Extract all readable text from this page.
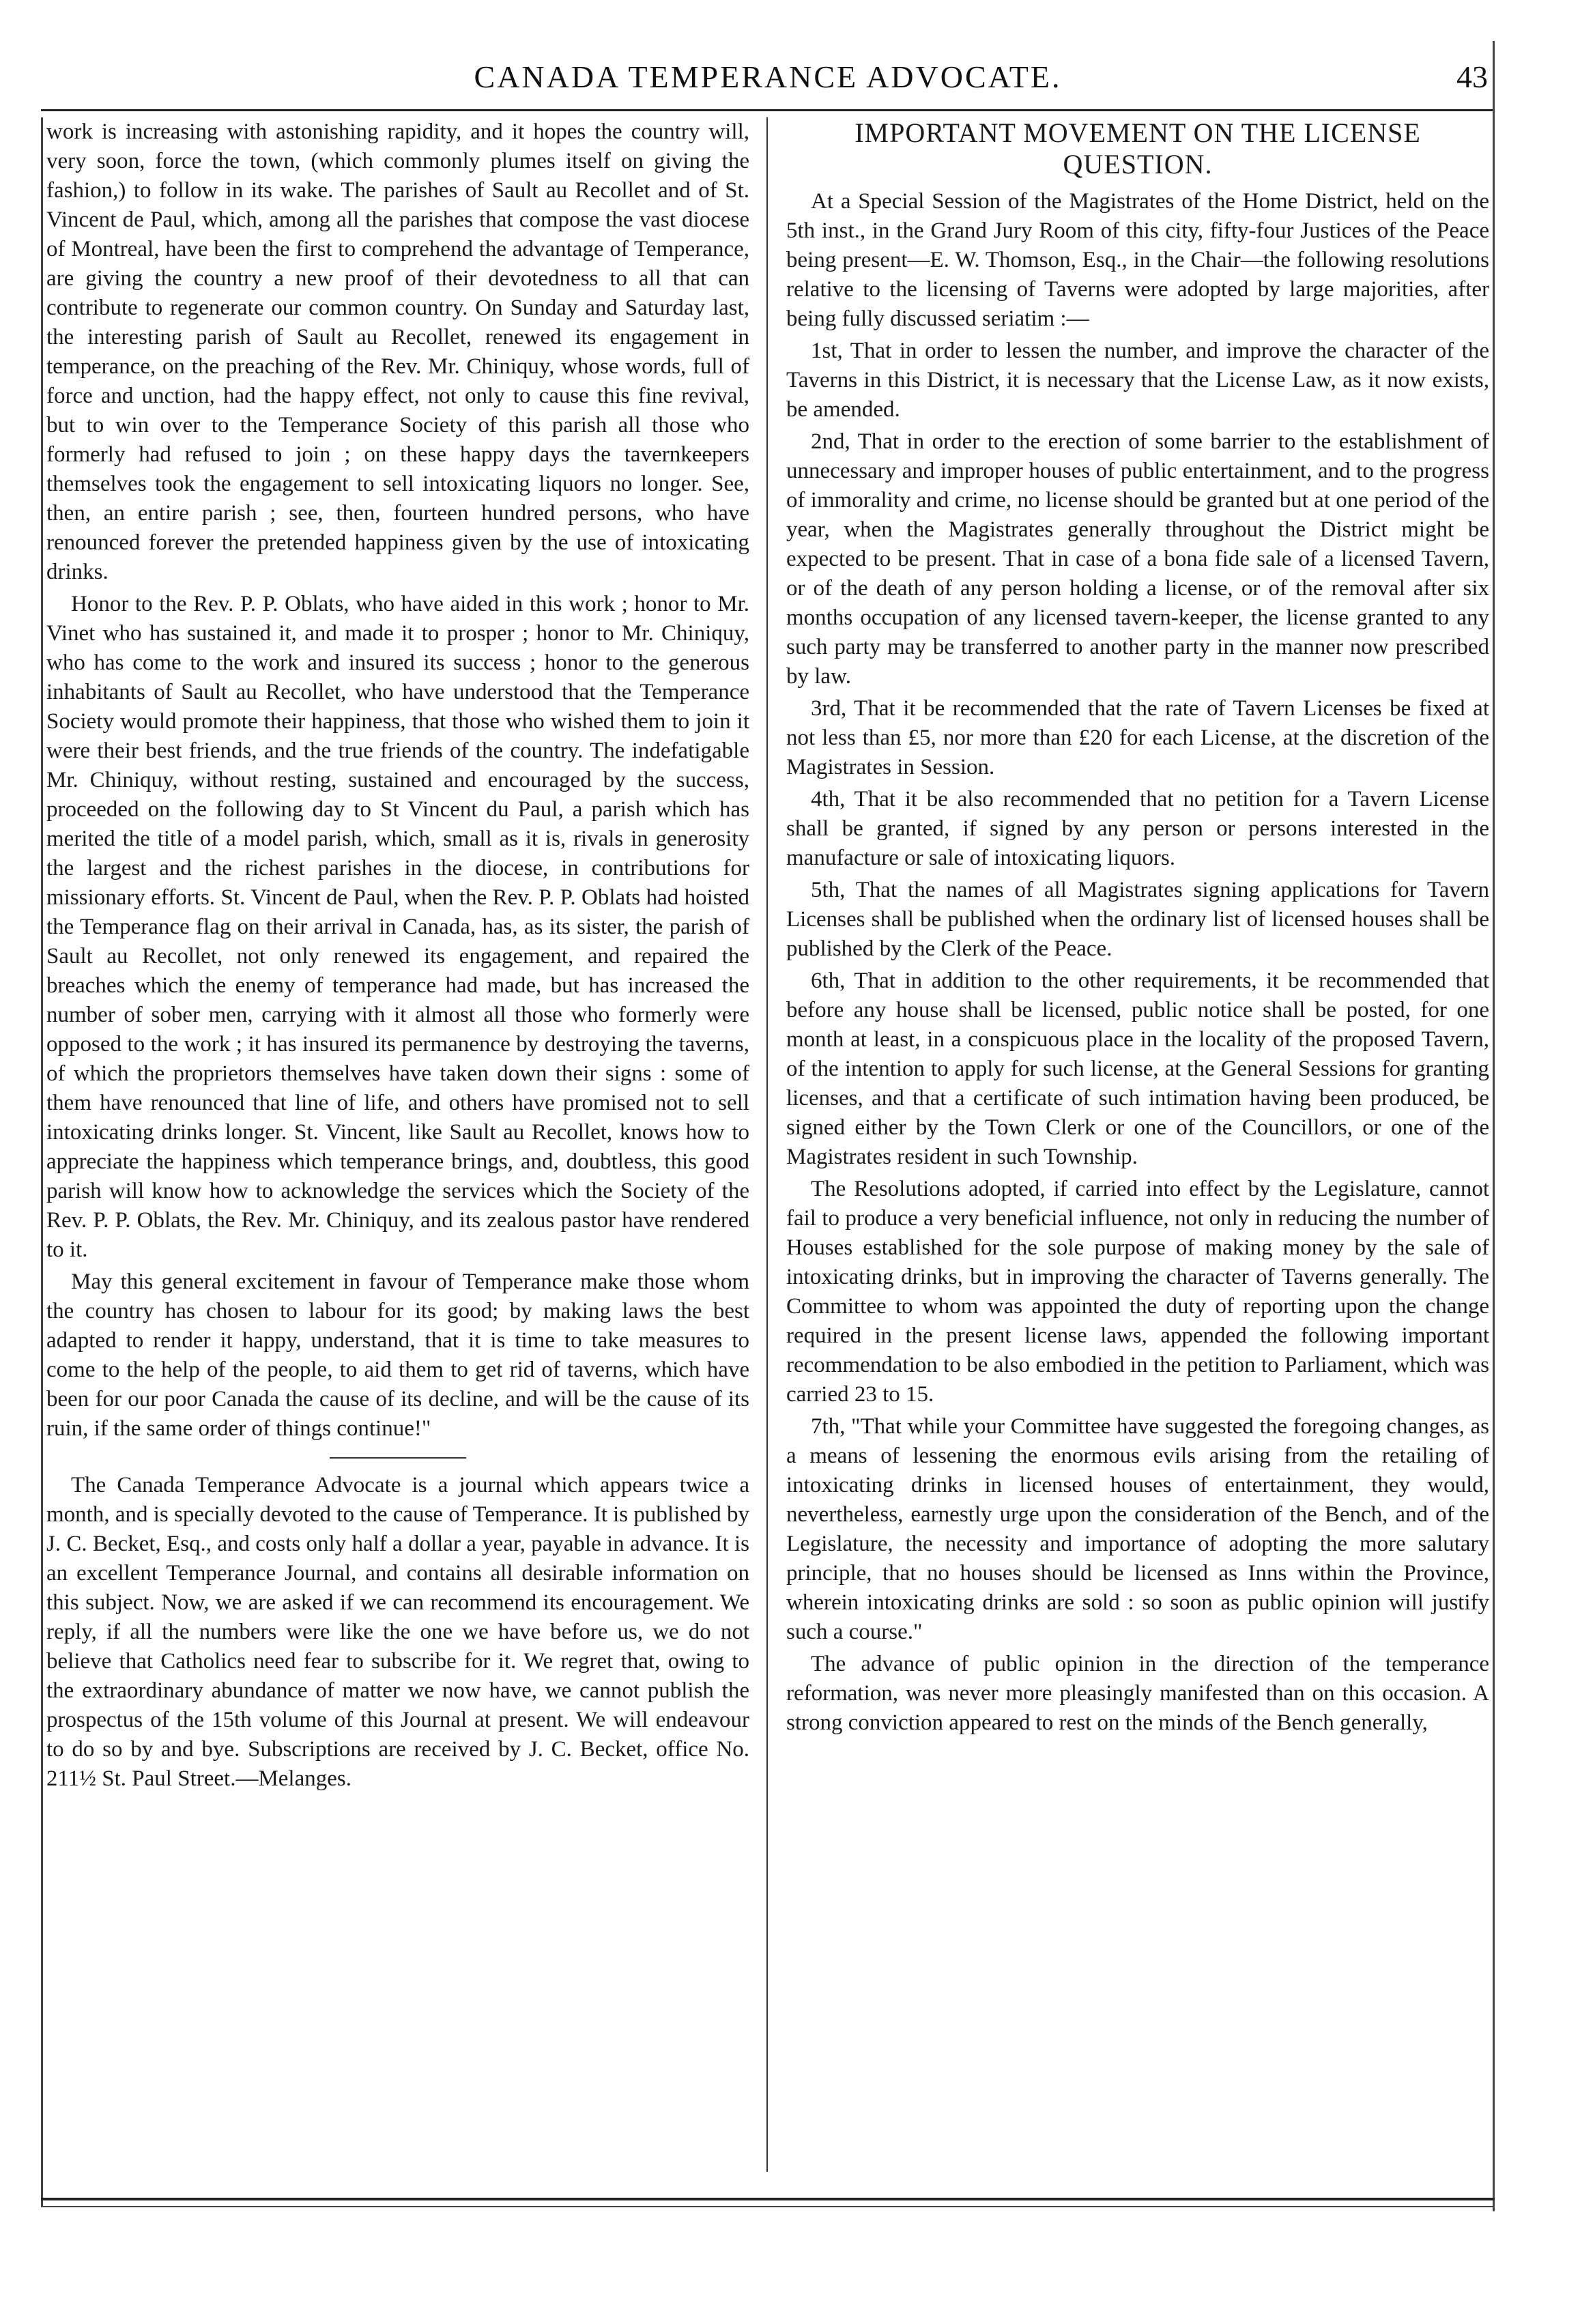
CANADA TEMPERANCE ADVOCATE.	43

work is increasing with astonishing rapidity, and it hopes the country will, very soon, force the town, (which commonly plumes itself on giving the fashion,) to follow in its wake. The parishes of Sault au Recollet and of St. Vincent de Paul, which, among all the parishes that compose the vast diocese of Montreal, have been the first to comprehend the advantage of Temperance, are giving the country a new proof of their devotedness to all that can contribute to regenerate our common country. On Sunday and Saturday last, the interesting parish of Sault au Recollet, renewed its engagement in temperance, on the preaching of the Rev. Mr. Chiniquy, whose words, full of force and unction, had the happy effect, not only to cause this fine revival, but to win over to the Temperance Society of this parish all those who formerly had refused to join ; on these happy days the tavernkeepers themselves took the engagement to sell intoxicating liquors no longer. See, then, an entire parish ; see, then, fourteen hundred persons, who have renounced forever the pretended happiness given by the use of intoxicating drinks.

Honor to the Rev. P. P. Oblats, who have aided in this work ; honor to Mr. Vinet who has sustained it, and made it to prosper ; honor to Mr. Chiniquy, who has come to the work and insured its success ; honor to the generous inhabitants of Sault au Recollet, who have understood that the Temperance Society would promote their happiness, that those who wished them to join it were their best friends, and the true friends of the country. The indefatigable Mr. Chiniquy, without resting, sustained and encouraged by the success, proceeded on the following day to St Vincent du Paul, a parish which has merited the title of a model parish, which, small as it is, rivals in generosity the largest and the richest parishes in the diocese, in contributions for missionary efforts. St. Vincent de Paul, when the Rev. P. P. Oblats had hoisted the Temperance flag on their arrival in Canada, has, as its sister, the parish of Sault au Recollet, not only renewed its engagement, and repaired the breaches which the enemy of temperance had made, but has increased the number of sober men, carrying with it almost all those who formerly were opposed to the work ; it has insured its permanence by destroying the taverns, of which the proprietors themselves have taken down their signs : some of them have renounced that line of life, and others have promised not to sell intoxicating drinks longer. St. Vincent, like Sault au Recollet, knows how to appreciate the happiness which temperance brings, and, doubtless, this good parish will know how to acknowledge the services which the Society of the Rev. P. P. Oblats, the Rev. Mr. Chiniquy, and its zealous pastor have rendered to it.

May this general excitement in favour of Temperance make those whom the country has chosen to labour for its good; by making laws the best adapted to render it happy, understand, that it is time to take measures to come to the help of the people, to aid them to get rid of taverns, which have been for our poor Canada the cause of its decline, and will be the cause of its ruin, if the same order of things continue!"

The Canada Temperance Advocate is a journal which appears twice a month, and is specially devoted to the cause of Temperance. It is published by J. C. Becket, Esq., and costs only half a dollar a year, payable in advance. It is an excellent Temperance Journal, and contains all desirable information on this subject. Now, we are asked if we can recommend its encouragement. We reply, if all the numbers were like the one we have before us, we do not believe that Catholics need fear to subscribe for it. We regret that, owing to the extraordinary abundance of matter we now have, we cannot publish the prospectus of the 15th volume of this Journal at present. We will endeavour to do so by and bye. Subscriptions are received by J. C. Becket, office No. 211½ St. Paul Street.—Melanges.

IMPORTANT MOVEMENT ON THE LICENSE QUESTION.

At a Special Session of the Magistrates of the Home District, held on the 5th inst., in the Grand Jury Room of this city, fifty-four Justices of the Peace being present—E. W. Thomson, Esq., in the Chair—the following resolutions relative to the licensing of Taverns were adopted by large majorities, after being fully discussed seriatim :—

1st, That in order to lessen the number, and improve the character of the Taverns in this District, it is necessary that the License Law, as it now exists, be amended.

2nd, That in order to the erection of some barrier to the establishment of unnecessary and improper houses of public entertainment, and to the progress of immorality and crime, no license should be granted but at one period of the year, when the Magistrates generally throughout the District might be expected to be present. That in case of a bona fide sale of a licensed Tavern, or of the death of any person holding a license, or of the removal after six months occupation of any licensed tavern-keeper, the license granted to any such party may be transferred to another party in the manner now prescribed by law.

3rd, That it be recommended that the rate of Tavern Licenses be fixed at not less than £5, nor more than £20 for each License, at the discretion of the Magistrates in Session.

4th, That it be also recommended that no petition for a Tavern License shall be granted, if signed by any person or persons interested in the manufacture or sale of intoxicating liquors.

5th, That the names of all Magistrates signing applications for Tavern Licenses shall be published when the ordinary list of licensed houses shall be published by the Clerk of the Peace.

6th, That in addition to the other requirements, it be recommended that before any house shall be licensed, public notice shall be posted, for one month at least, in a conspicuous place in the locality of the proposed Tavern, of the intention to apply for such license, at the General Sessions for granting licenses, and that a certificate of such intimation having been produced, be signed either by the Town Clerk or one of the Councillors, or one of the Magistrates resident in such Township.

The Resolutions adopted, if carried into effect by the Legislature, cannot fail to produce a very beneficial influence, not only in reducing the number of Houses established for the sole purpose of making money by the sale of intoxicating drinks, but in improving the character of Taverns generally. The Committee to whom was appointed the duty of reporting upon the change required in the present license laws, appended the following important recommendation to be also embodied in the petition to Parliament, which was carried 23 to 15.

7th, "That while your Committee have suggested the foregoing changes, as a means of lessening the enormous evils arising from the retailing of intoxicating drinks in licensed houses of entertainment, they would, nevertheless, earnestly urge upon the consideration of the Bench, and of the Legislature, the necessity and importance of adopting the more salutary principle, that no houses should be licensed as Inns within the Province, wherein intoxicating drinks are sold : so soon as public opinion will justify such a course."

The advance of public opinion in the direction of the temperance reformation, was never more pleasingly manifested than on this occasion. A strong conviction appeared to rest on the minds of the Bench generally,
